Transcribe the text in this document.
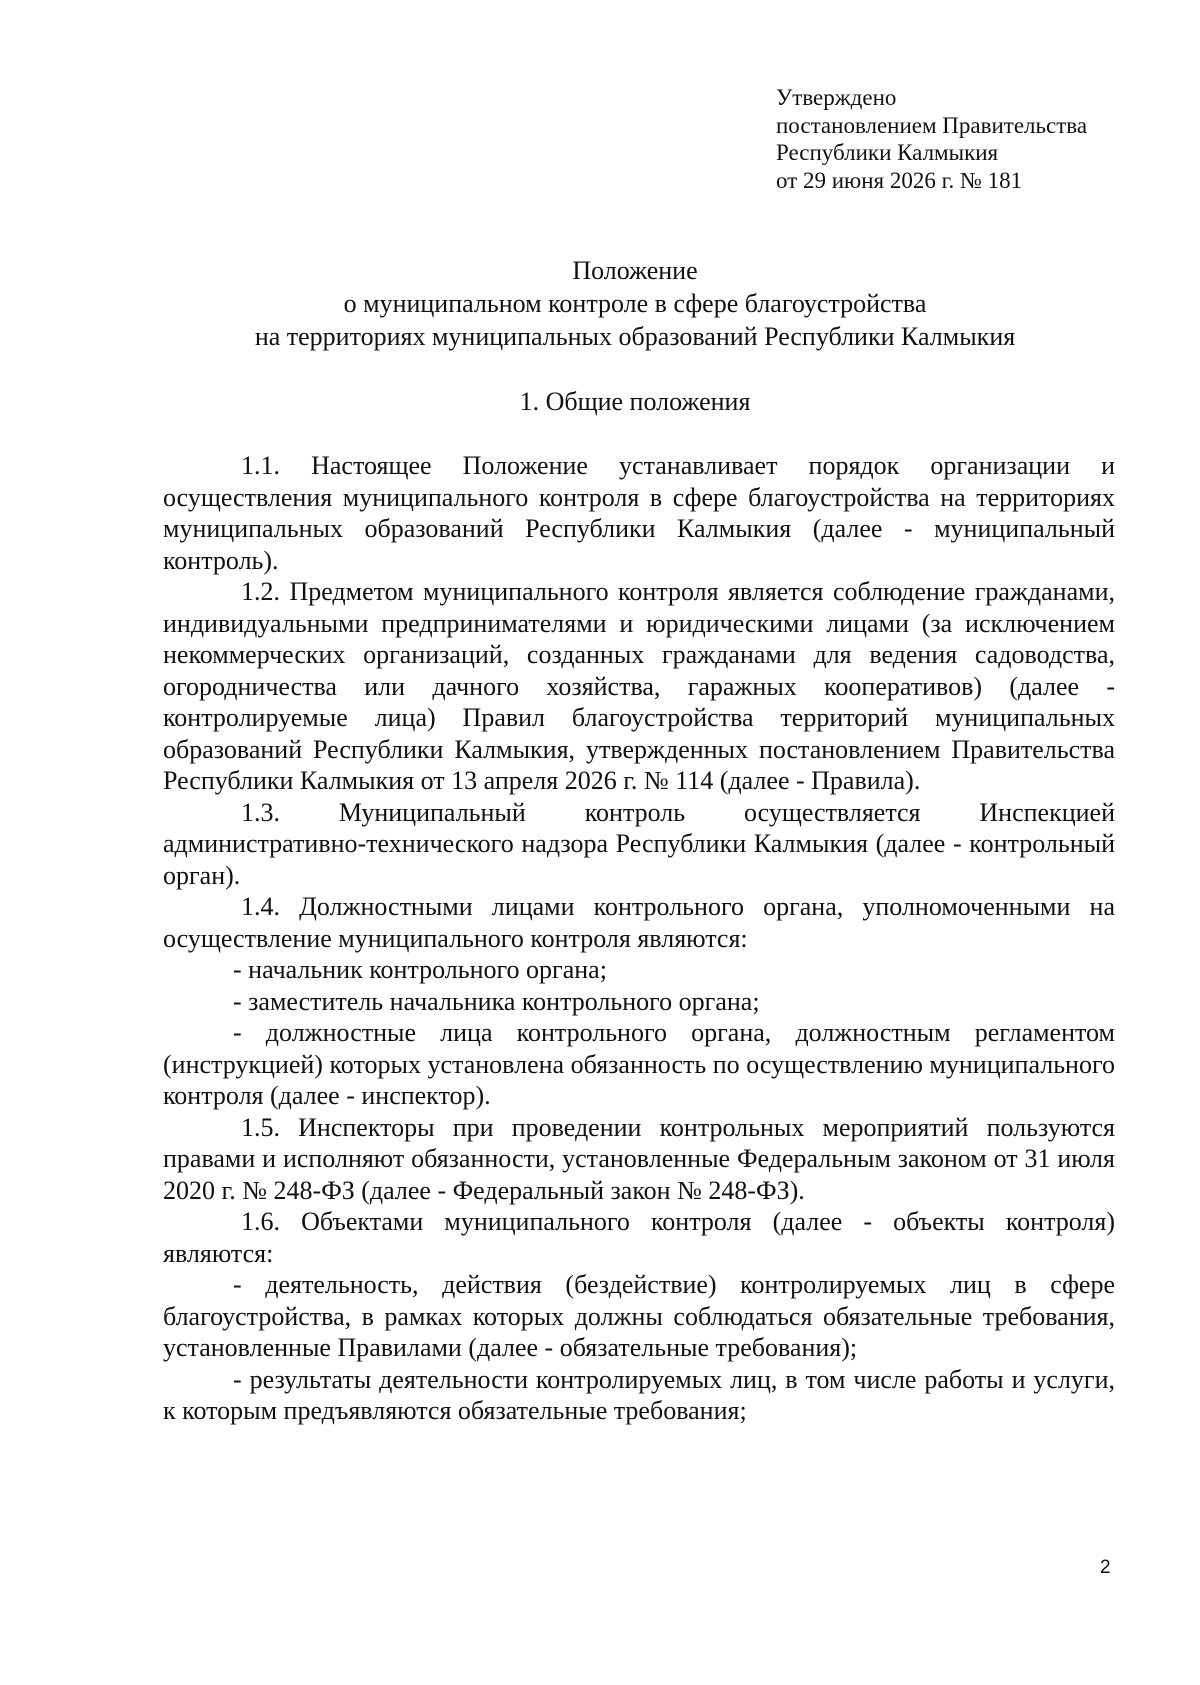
Утверждено
постановлением Правительства
Республики Калмыкия
от 29 июня 2026 г. № 181
Положение
о муниципальном контроле в сфере благоустройства
на территориях муниципальных образований Республики Калмыкия
1. Общие положения

1.1. Настоящее Положение устанавливает порядок организации и осуществления муниципального контроля в сфере благоустройства на территориях муниципальных образований Республики Калмыкия (далее - муниципальный контроль).

1.2. Предметом муниципального контроля является соблюдение гражданами, индивидуальными предпринимателями и юридическими лицами (за исключением некоммерческих организаций, созданных гражданами для ведения садоводства, огородничества или дачного хозяйства, гаражных кооперативов) (далее - контролируемые лица) Правил благоустройства территорий муниципальных образований Республики Калмыкия, утвержденных постановлением Правительства Республики Калмыкия от 13 апреля 2026 г. № 114 (далее - Правила).

1.3. Муниципальный контроль осуществляется Инспекцией административно-технического надзора Республики Калмыкия (далее - контрольный орган).

1.4. Должностными лицами контрольного органа, уполномоченными на осуществление муниципального контроля являются:

- начальник контрольного органа;

- заместитель начальника контрольного органа;

- должностные лица контрольного органа, должностным регламентом (инструкцией) которых установлена обязанность по осуществлению муниципального контроля (далее - инспектор).

1.5. Инспекторы при проведении контрольных мероприятий пользуются правами и исполняют обязанности, установленные Федеральным законом от 31 июля 2020 г. № 248-ФЗ (далее - Федеральный закон № 248-ФЗ).

1.6. Объектами муниципального контроля (далее - объекты контроля) являются:

- деятельность, действия (бездействие) контролируемых лиц в сфере благоустройства, в рамках которых должны соблюдаться обязательные требования, установленные Правилами (далее - обязательные требования);

- результаты деятельности контролируемых лиц, в том числе работы и услуги, к которым предъявляются обязательные требования;

2
